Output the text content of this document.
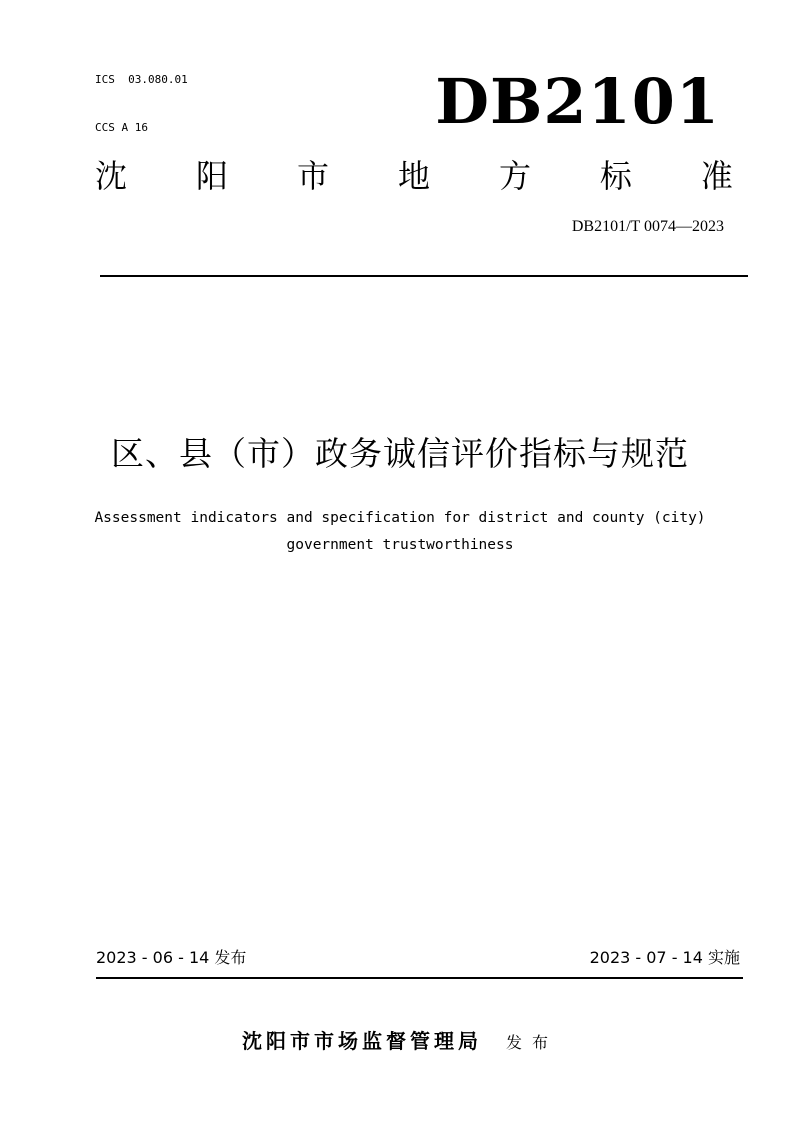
ICS  03.080.01

CCS A 16	DB2101
沈 阳 市 地 方 标 准
DB2101/T 0074—2023
区、县（市）政务诚信评价指标与规范
Assessment indicators and specification for district and county (city)
government trustworthiness
2023 - 06 - 14 发布	2023 - 07 - 14 实施
沈阳市市场监督管理局 发布
